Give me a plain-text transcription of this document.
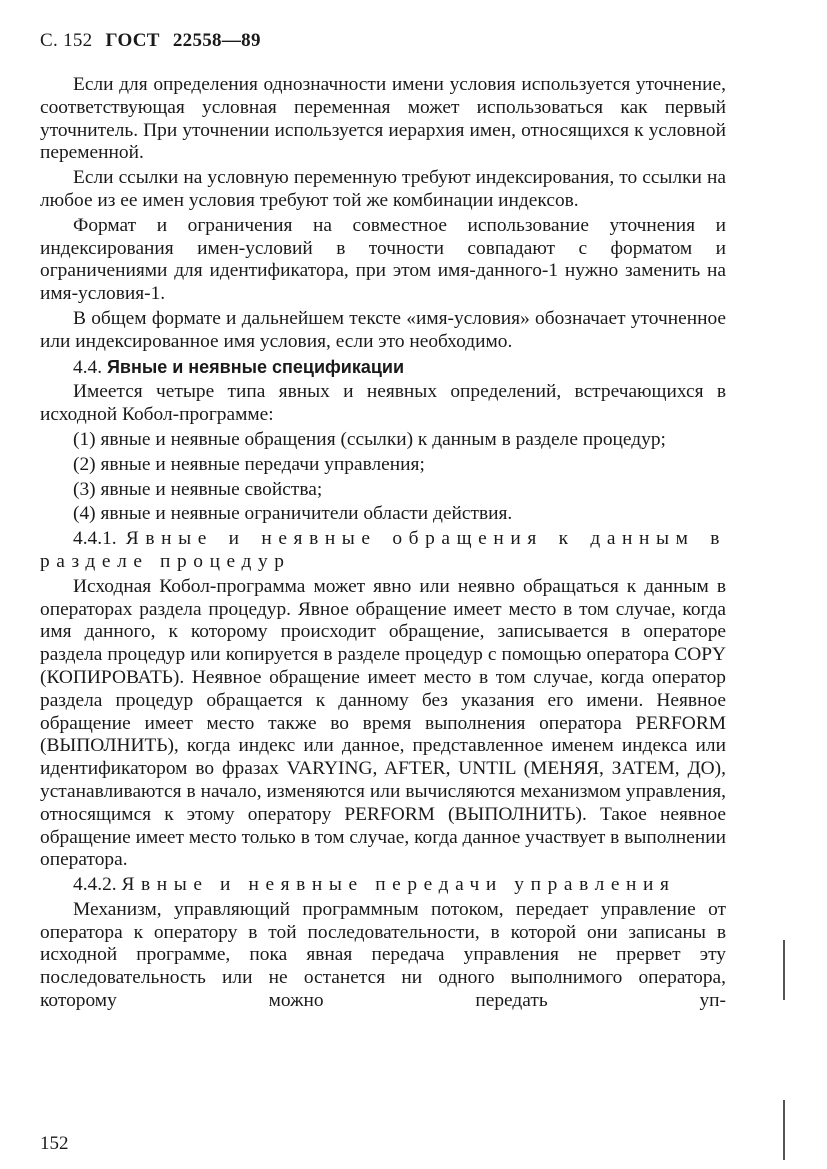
С. 152 ГОСТ 22558—89

Если для определения однозначности имени условия используется уточнение, соответствующая условная переменная может использоваться как первый уточнитель. При уточнении используется иерархия имен, относящихся к условной переменной.

Если ссылки на условную переменную требуют индексирования, то ссылки на любое из ее имен условия требуют той же комбинации индексов.

Формат и ограничения на совместное использование уточнения и индексирования имен-условий в точности совпадают с форматом и ограничениями для идентификатора, при этом имя-данного-1 нужно заменить на имя-условия-1.

В общем формате и дальнейшем тексте «имя-условия» обозначает уточненное или индексированное имя условия, если это необходимо.

4.4. Явные и неявные спецификации

Имеется четыре типа явных и неявных определений, встречающихся в исходной Кобол-программе:

(1) явные и неявные обращения (ссылки) к данным в разделе процедур;

(2) явные и неявные передачи управления;

(3) явные и неявные свойства;

(4) явные и неявные ограничители области действия.

4.4.1. Явные и неявные обращения к данным в разделе процедур

Исходная Кобол-программа может явно или неявно обращаться к данным в операторах раздела процедур. Явное обращение имеет место в том случае, когда имя данного, к которому происходит обращение, записывается в операторе раздела процедур или копируется в разделе процедур с помощью оператора COPY (КОПИРОВАТЬ). Неявное обращение имеет место в том случае, когда оператор раздела процедур обращается к данному без указания его имени. Неявное обращение имеет место также во время выполнения оператора PERFORM (ВЫПОЛНИТЬ), когда индекс или данное, представленное именем индекса или идентификатором во фразах VARYING, AFTER, UNTIL (МЕНЯЯ, ЗАТЕМ, ДО), устанавливаются в начало, изменяются или вычисляются механизмом управления, относящимся к этому оператору PERFORM (ВЫПОЛНИТЬ). Такое неявное обращение имеет место только в том случае, когда данное участвует в выполнении оператора.

4.4.2. Явные и неявные передачи управления

Механизм, управляющий программным потоком, передает управление от оператора к оператору в той последовательности, в которой они записаны в исходной программе, пока явная передача управления не прервет эту последовательность или не останется ни одного выполнимого оператора, которому можно передать уп-

152
